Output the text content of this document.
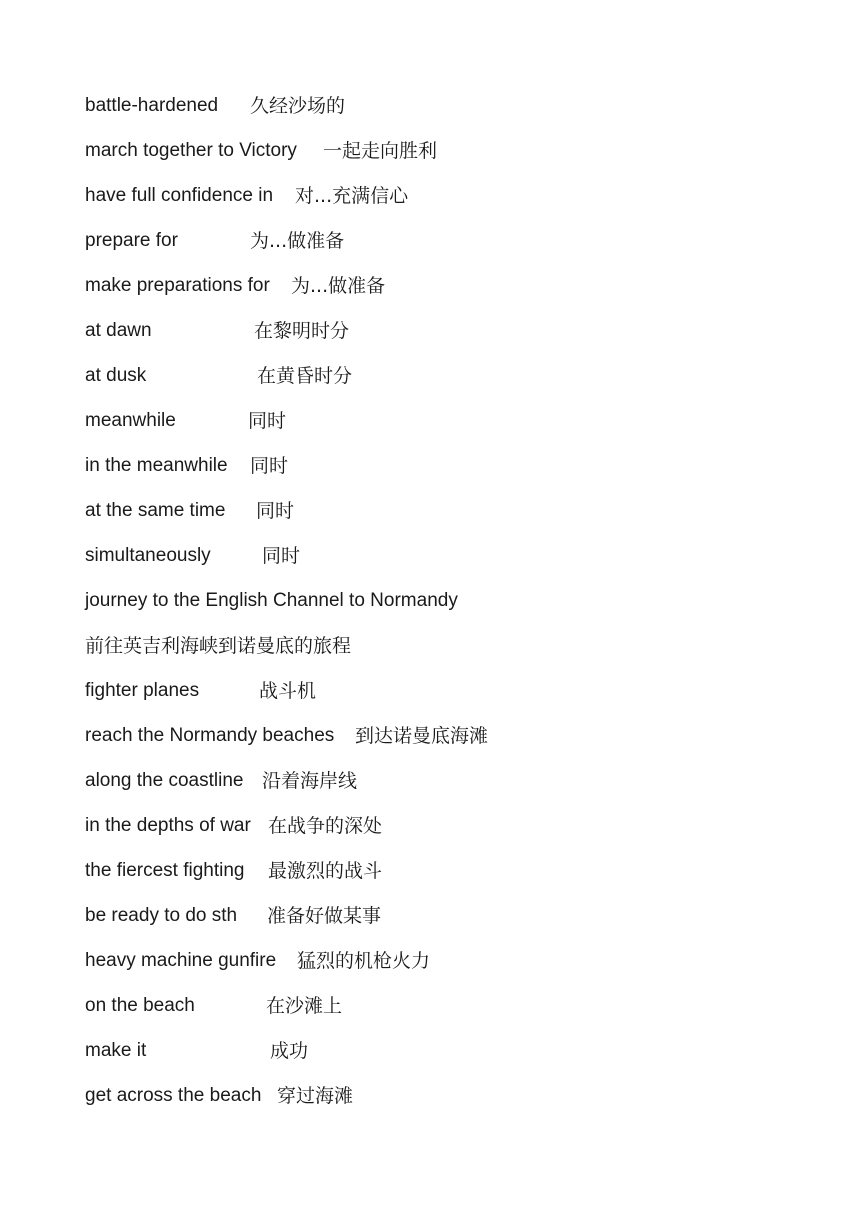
battle-hardened 久经沙场的
march together to Victory 一起走向胜利
have full confidence in 对...充满信心
prepare for	为...做准备
make preparations for 为...做准备
at dawn	在黎明时分
at dusk	在黄昏时分
meanwhile	同时
in the meanwhile 同时
at the same time 同时
simultaneously	同时
journey to the English Channel to Normandy
前往英吉利海峡到诺曼底的旅程
fighter planes	战斗机
reach the Normandy beaches 到达诺曼底海滩
along the coastline 沿着海岸线
in the depths of war 在战争的深处
the fiercest fighting 最激烈的战斗
be ready to do sth 准备好做某事
heavy machine gunfire 猛烈的机枪火力
on the beach	在沙滩上
make it	成功
get across the beach 穿过海滩
